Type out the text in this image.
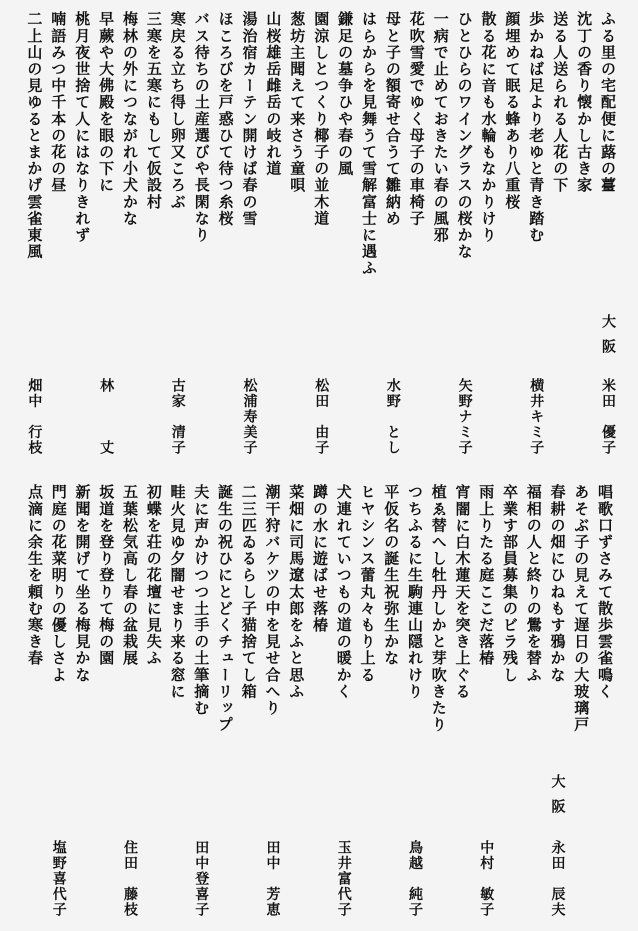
ふる里の宅配便に蕗の薹
沈丁の香り懐かし古き家
送る人送られる人花の下
歩かねば足より老ゆと青き踏む
顔埋めて眠る蜂あり八重桜
散る花に音も水輪もなかりけり
ひとひらのワイングラスの桜かな
一病で止めておきたい春の風邪
花吹雪愛でゆく母子の車椅子
母と子の額寄せ合うて雛納め
はらからを見舞うて雪解富士に遇ふ
鎌足の墓争ひや春の風
園涼しとつくり椰子の並木道
葱坊主聞えて来さう童唄
山桜雄岳雌岳の岐れ道
湯治宿カーテン開けば春の雪
ほころびを戸惑ひて待つ糸桜
バス待ちの土産選びや長閑なり
寒戻る立ち得し卵又ころぶ
三寒を五寒にもして仮設村
梅林の外につながれ小犬かな
早蕨や大佛殿を眼の下に
桃月夜世捨て人にはなりきれず
喃語みつ中千本の花の昼
二上山の見ゆるとまかげ雲雀東風
大阪
米田　優子
横井キミ子
矢野ナミ子
水野　とし
松田　由子
松浦寿美子
古家　清子
林　　　丈
畑中　行枝
唱歌口ずさみて散歩雲雀鳴く
あそぶ子の見えて遅日の大玻璃戸
春耕の畑にひねもす鴉かな
福相の人と終りの鷽を替ふ
卒業す部員募集のビラ残し
雨上りたる庭ここだ落椿
宵闇に白木蓮天を突き上ぐる
植ゑ替へし牡丹しかと芽吹きたり
つちふるに生駒連山隠れけり
平仮名の誕生祝弥生かな
ヒヤシンス蕾丸々もり上る
犬連れていつもの道の暖かく
蹲の水に遊ばせ落椿
菜畑に司馬遼太郎をふと思ふ
潮干狩バケツの中を見せ合へり
二三匹ゐるらし子猫捨てし箱
誕生の祝ひにとどくチューリップ
夫に声かけつつ土手の土筆摘む
畦火見ゆ夕闇せまり来る窓に
初蝶を荘の花壇に見失ふ
五葉松気高し春の盆栽展
坂道を登り登りて梅の園
新聞を開げて坐る梅見かな
門庭の花菜明りの優しさよ
点滴に余生を頼む寒き春
大阪
永田　辰夫
中村　敏子
鳥越　純子
玉井富代子
田中　芳恵
田中登喜子
住田　藤枝
塩野喜代子
